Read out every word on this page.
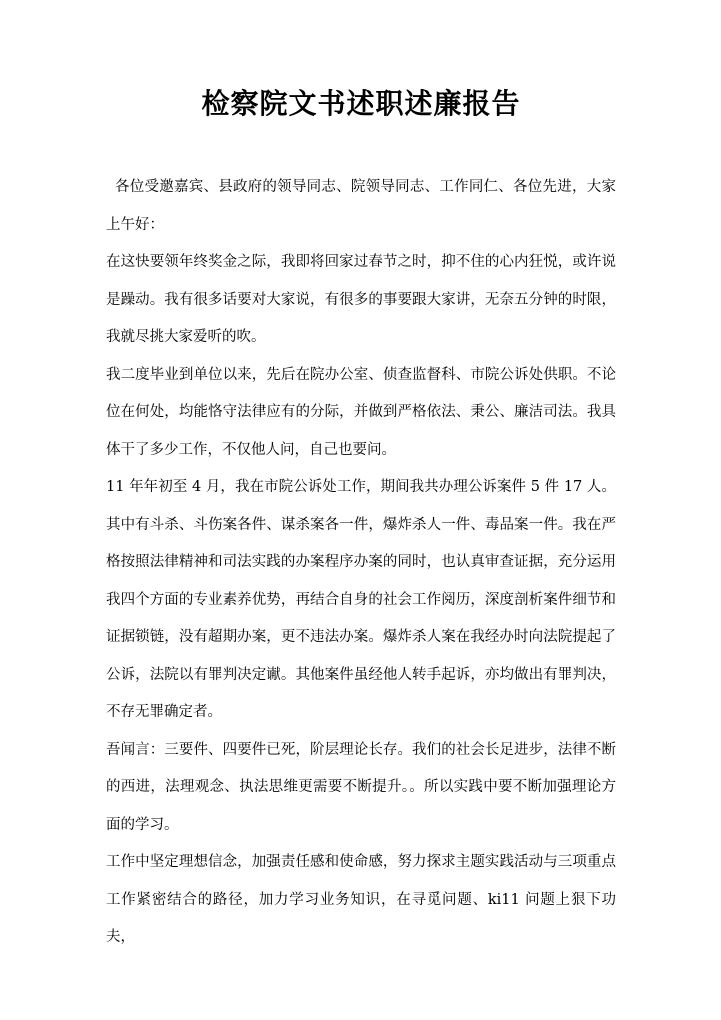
检察院文书述职述廉报告

各位受邀嘉宾、县政府的领导同志、院领导同志、工作同仁、各位先进，大家上午好：

在这快要领年终奖金之际，我即将回家过春节之时，抑不住的心内狂悦，或许说是躁动。我有很多话要对大家说，有很多的事要跟大家讲，无奈五分钟的时限，我就尽挑大家爱听的吹。

我二度毕业到单位以来，先后在院办公室、侦查监督科、市院公诉处供职。不论位在何处，均能恪守法律应有的分际，并做到严格依法、秉公、廉洁司法。我具体干了多少工作，不仅他人问，自己也要问。

11 年年初至 4 月，我在市院公诉处工作，期间我共办理公诉案件 5 件 17 人。其中有斗杀、斗伤案各件、谋杀案各一件，爆炸杀人一件、毒品案一件。我在严格按照法律精神和司法实践的办案程序办案的同时，也认真审查证据，充分运用我四个方面的专业素养优势，再结合自身的社会工作阅历，深度剖析案件细节和证据锁链，没有超期办案，更不违法办案。爆炸杀人案在我经办时向法院提起了公诉，法院以有罪判决定谳。其他案件虽经他人转手起诉，亦均做出有罪判决，不存无罪确定者。

吾闻言：三要件、四要件已死，阶层理论长存。我们的社会长足进步，法律不断的西进，法理观念、执法思维更需要不断提升。。所以实践中要不断加强理论方面的学习。

工作中坚定理想信念，加强责任感和使命感，努力探求主题实践活动与三项重点工作紧密结合的路径，加力学习业务知识，在寻觅问题、ki11 问题上狠下功夫，
